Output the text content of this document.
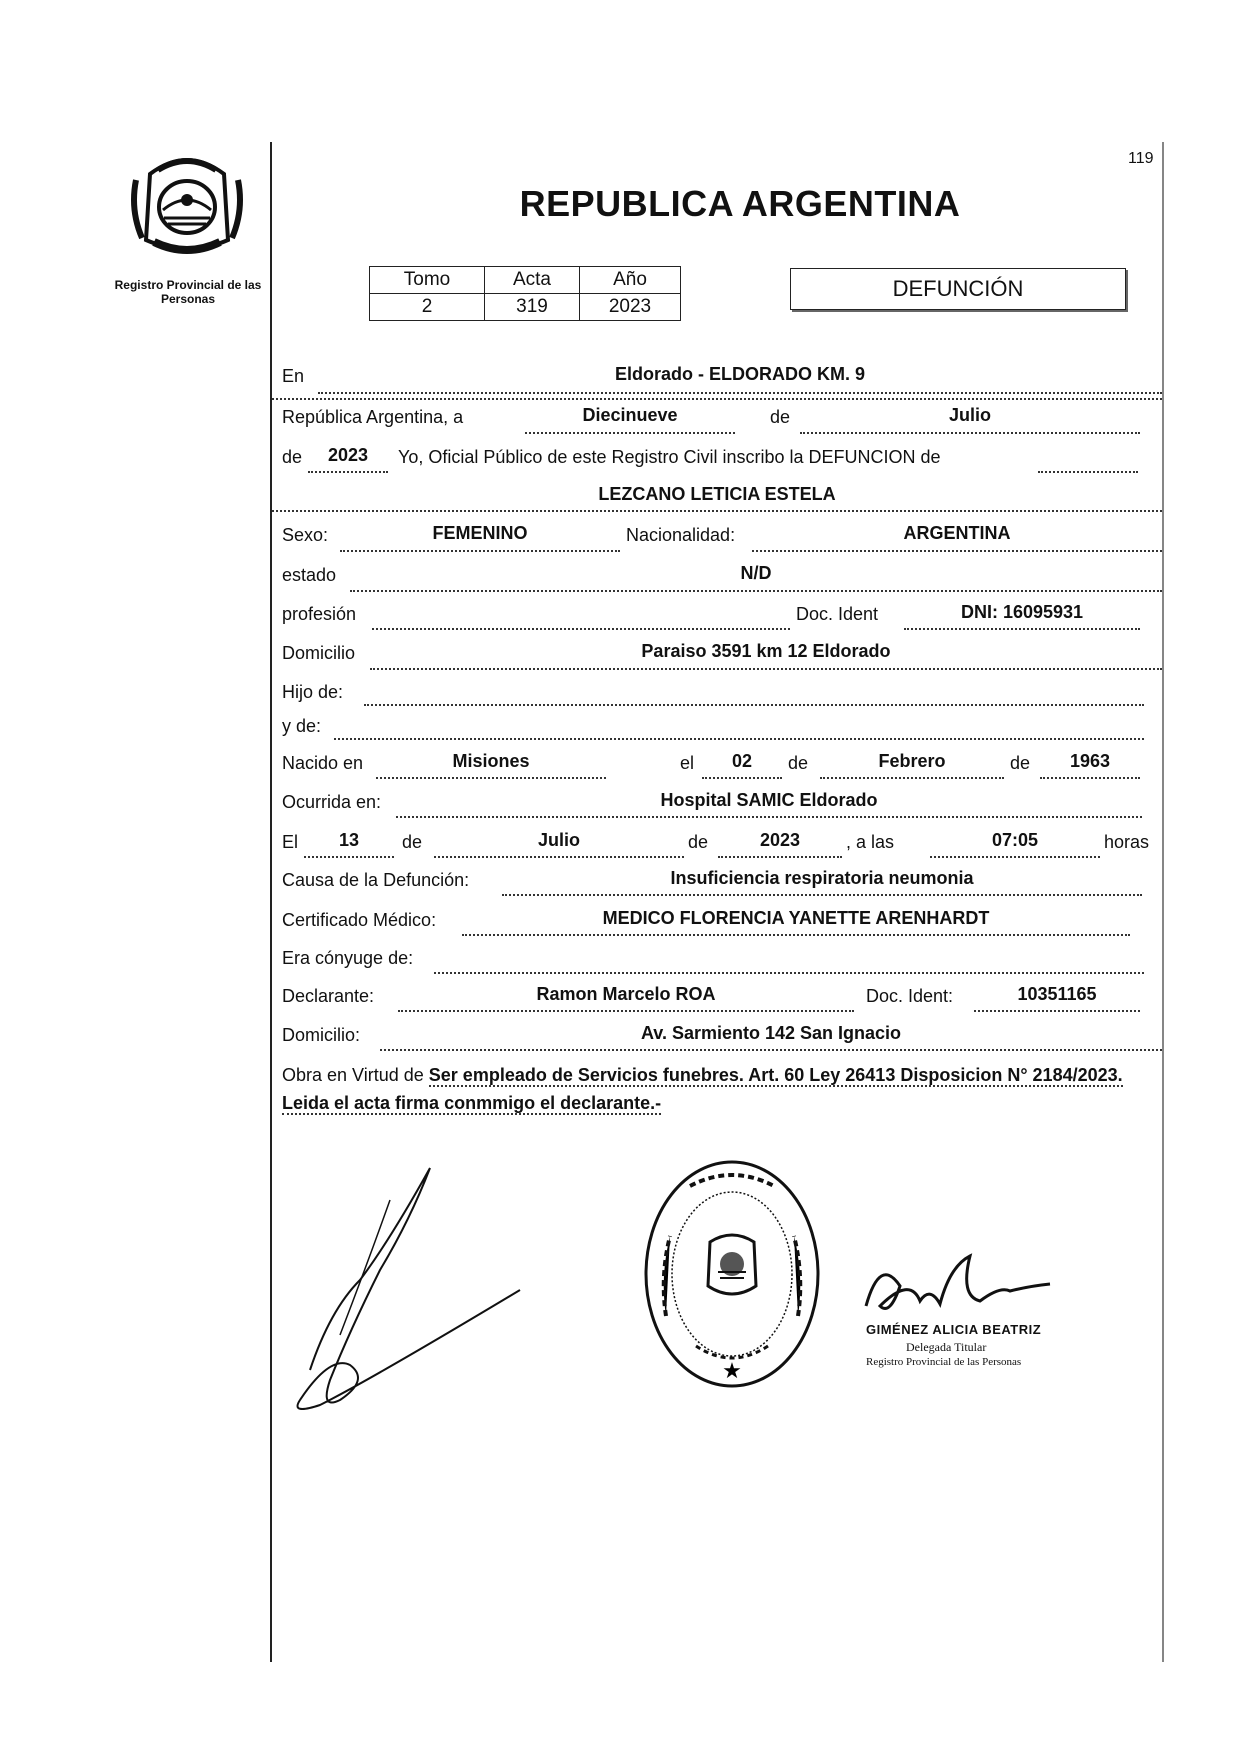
119
Registro Provincial de las Personas
REPUBLICA ARGENTINA
Tomo	Acta	Año
2	319	2023
DEFUNCIÓN
En	Eldorado - ELDORADO KM. 9
República Argentina, a	Diecinueve	de	Julio
de	2023	Yo, Oficial Público de este Registro Civil inscribo la DEFUNCION de
LEZCANO LETICIA ESTELA
Sexo:	FEMENINO	Nacionalidad:	ARGENTINA
estado	N/D
profesión	Doc. Ident	DNI: 16095931
Domicilio	Paraiso 3591 km 12 Eldorado
Hijo de:
y de:
Nacido en	Misiones	el	02	de	Febrero	de	1963
Ocurrida en:	Hospital SAMIC Eldorado
El	13	de	Julio	de	2023	, a las	07:05	horas
Causa de la Defunción:	Insuficiencia respiratoria neumonia
Certificado Médico:	MEDICO FLORENCIA YANETTE ARENHARDT
Era cónyuge de:
Declarante:	Ramon Marcelo ROA	Doc. Ident:	10351165
Domicilio:	Av. Sarmiento 142 San Ignacio
Obra en Virtud de Ser empleado de Servicios funebres. Art. 60 Ley 26413 Disposicion N° 2184/2023. Leida el acta firma conmmigo el declarante.-
★
GIMÉNEZ ALICIA BEATRIZ
Delegada Titular
Registro Provincial de las Personas
